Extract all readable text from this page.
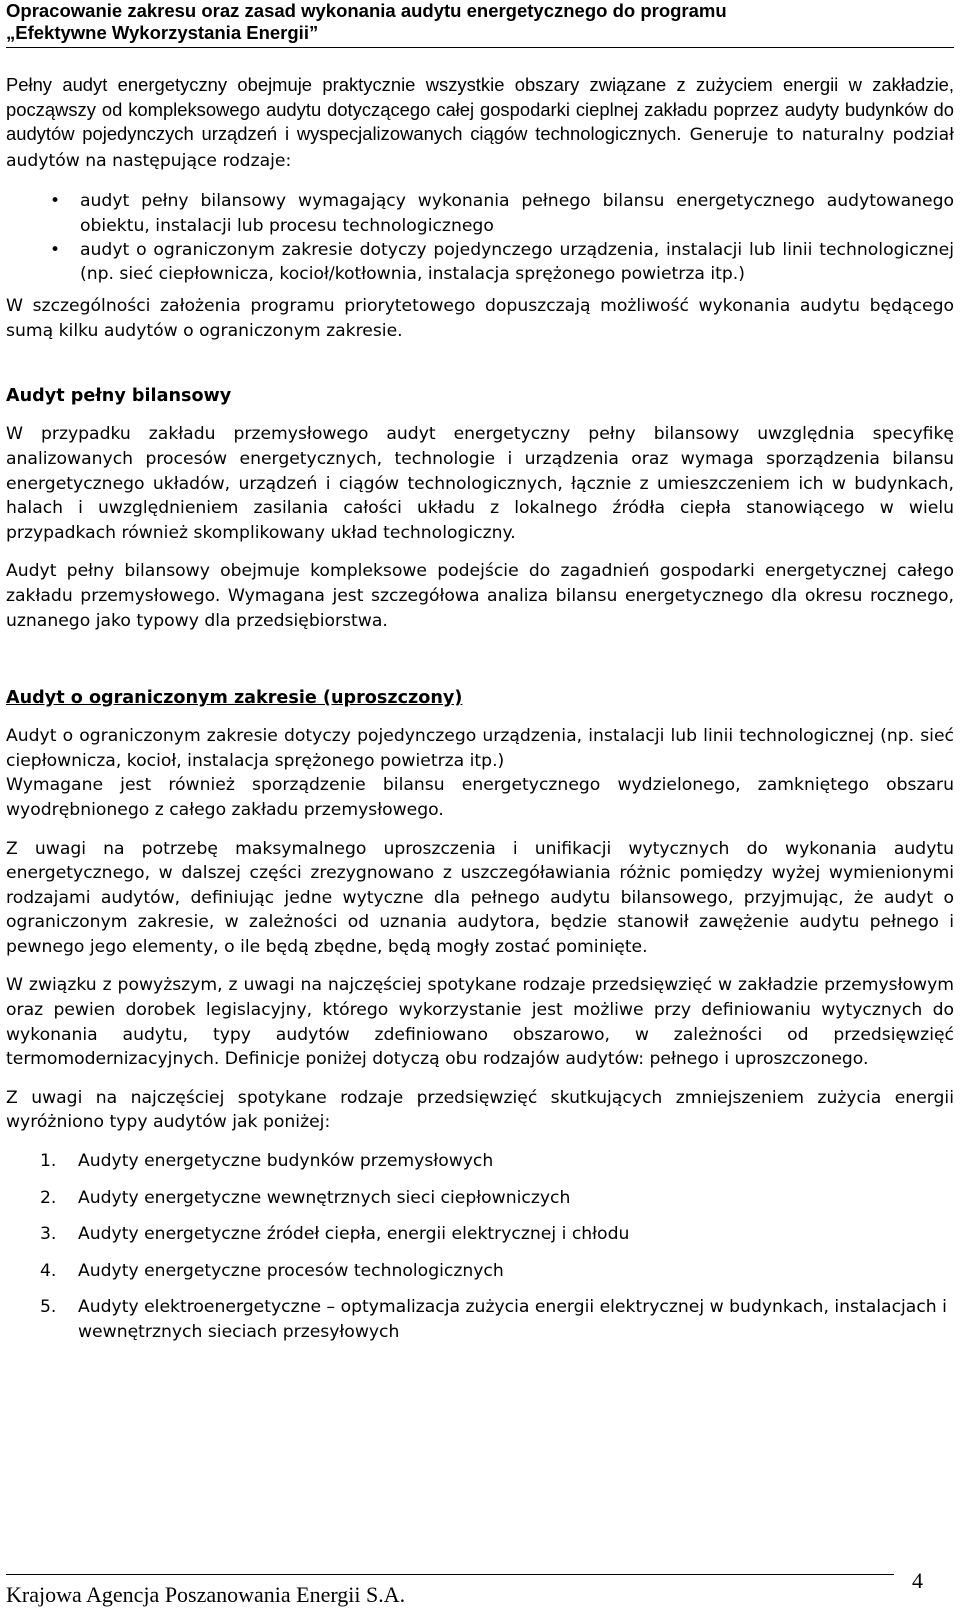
Opracowanie zakresu oraz zasad wykonania audytu energetycznego do programu
„Efektywne Wykorzystania Energii”

Pełny audyt energetyczny obejmuje praktycznie wszystkie obszary związane z zużyciem energii w zakładzie, począwszy od kompleksowego audytu dotyczącego całej gospodarki cieplnej zakładu poprzez audyty budynków do audytów pojedynczych urządzeń i wyspecjalizowanych ciągów technologicznych. Generuje to naturalny podział audytów na następujące rodzaje:

• audyt pełny bilansowy wymagający wykonania pełnego bilansu energetycznego audytowanego obiektu, instalacji lub procesu technologicznego
• audyt o ograniczonym zakresie dotyczy pojedynczego urządzenia, instalacji lub linii technologicznej (np. sieć ciepłownicza, kocioł/kotłownia, instalacja sprężonego powietrza itp.)

W szczególności założenia programu priorytetowego dopuszczają możliwość wykonania audytu będącego sumą kilku audytów o ograniczonym zakresie.

Audyt pełny bilansowy

W przypadku zakładu przemysłowego audyt energetyczny pełny bilansowy uwzględnia specyfikę analizowanych procesów energetycznych, technologie i urządzenia oraz wymaga sporządzenia bilansu energetycznego układów, urządzeń i ciągów technologicznych, łącznie z umieszczeniem ich w budynkach, halach i uwzględnieniem zasilania całości układu z lokalnego źródła ciepła stanowiącego w wielu przypadkach również skomplikowany układ technologiczny.

Audyt pełny bilansowy obejmuje kompleksowe podejście do zagadnień gospodarki energetycznej całego zakładu przemysłowego. Wymagana jest szczegółowa analiza bilansu energetycznego dla okresu rocznego, uznanego jako typowy dla przedsiębiorstwa.

Audyt o ograniczonym zakresie (uproszczony)

Audyt o ograniczonym zakresie dotyczy pojedynczego urządzenia, instalacji lub linii technologicznej (np. sieć ciepłownicza, kocioł, instalacja sprężonego powietrza itp.)

Wymagane jest również sporządzenie bilansu energetycznego wydzielonego, zamkniętego obszaru wyodrębnionego z całego zakładu przemysłowego.

Z uwagi na potrzebę maksymalnego uproszczenia i unifikacji wytycznych do wykonania audytu energetycznego, w dalszej części zrezygnowano z uszczegóławiania różnic pomiędzy wyżej wymienionymi rodzajami audytów, definiując jedne wytyczne dla pełnego audytu bilansowego, przyjmując, że audyt o ograniczonym zakresie, w zależności od uznania audytora, będzie stanowił zawężenie audytu pełnego i pewnego jego elementy, o ile będą zbędne, będą mogły zostać pominięte.

W związku z powyższym, z uwagi na najczęściej spotykane rodzaje przedsięwzięć w zakładzie przemysłowym oraz pewien dorobek legislacyjny, którego wykorzystanie jest możliwe przy definiowaniu wytycznych do wykonania audytu, typy audytów zdefiniowano obszarowo, w zależności od przedsięwzięć termomodernizacyjnych. Definicje poniżej dotyczą obu rodzajów audytów: pełnego i uproszczonego.

Z uwagi na najczęściej spotykane rodzaje przedsięwzięć skutkujących zmniejszeniem zużycia energii wyróżniono typy audytów jak poniżej:

1. Audyty energetyczne budynków przemysłowych
2. Audyty energetyczne wewnętrznych sieci ciepłowniczych
3. Audyty energetyczne źródeł ciepła, energii elektrycznej i chłodu
4. Audyty energetyczne procesów technologicznych
5. Audyty elektroenergetyczne – optymalizacja zużycia energii elektrycznej w budynkach, instalacjach i wewnętrznych sieciach przesyłowych
Krajowa Agencja Poszanowania Energii S.A.
4
